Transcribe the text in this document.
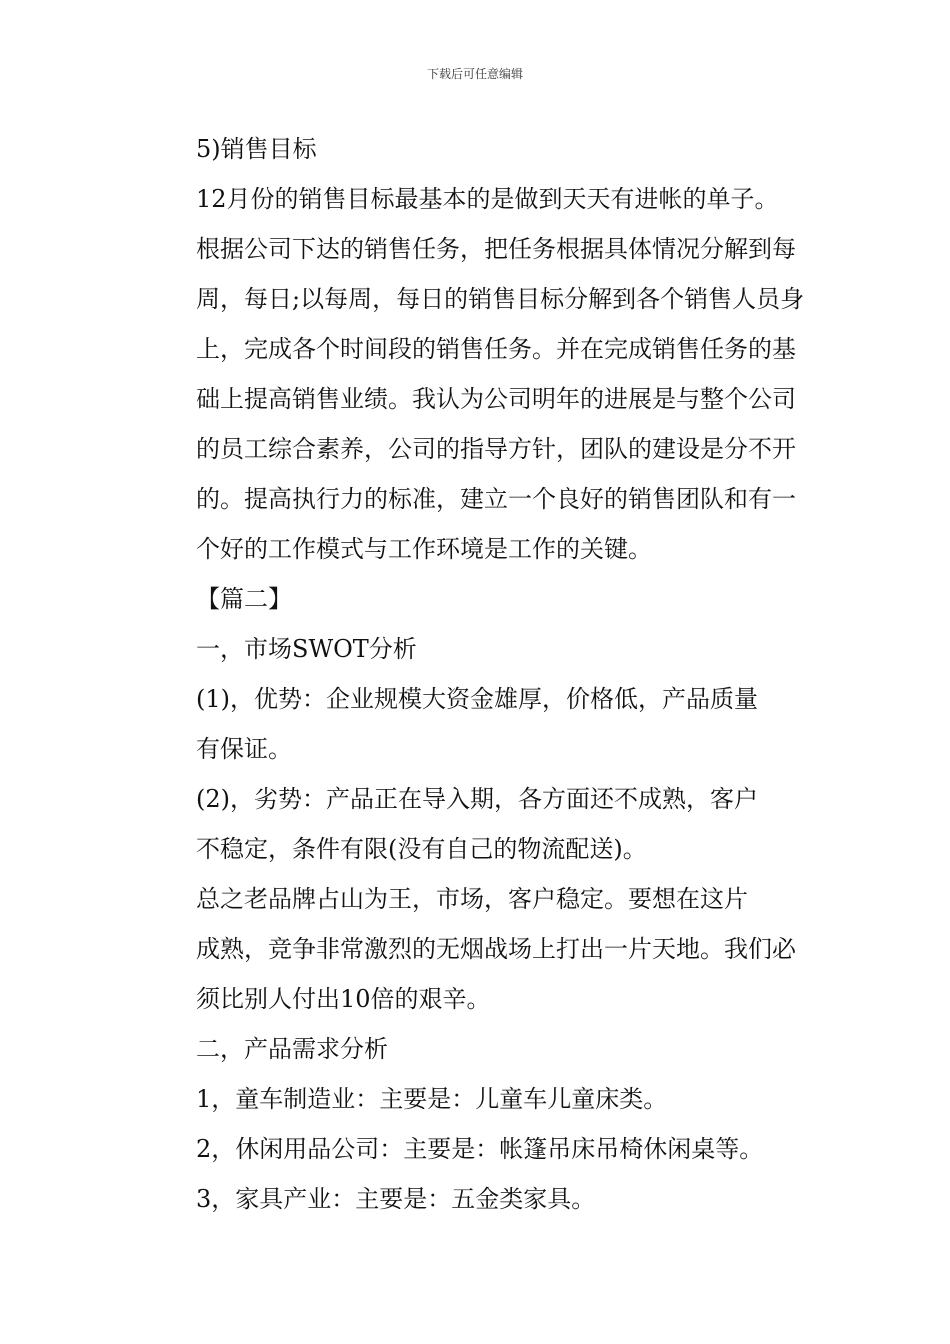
下载后可任意编辑

5)销售目标

12月份的销售目标最基本的是做到天天有进帐的单子。
根据公司下达的销售任务，把任务根据具体情况分解到每
周，每日;以每周，每日的销售目标分解到各个销售人员身
上，完成各个时间段的销售任务。并在完成销售任务的基
础上提高销售业绩。我认为公司明年的进展是与整个公司
的员工综合素养，公司的指导方针，团队的建设是分不开
的。提高执行力的标准，建立一个良好的销售团队和有一
个好的工作模式与工作环境是工作的关键。

【篇二】

一，市场SWOT分析

(1)，优势：企业规模大资金雄厚，价格低，产品质量
有保证。

(2)，劣势：产品正在导入期，各方面还不成熟，客户
不稳定，条件有限(没有自己的物流配送)。

总之老品牌占山为王，市场，客户稳定。要想在这片
成熟，竞争非常激烈的无烟战场上打出一片天地。我们必
须比别人付出10倍的艰辛。

二，产品需求分析

1，童车制造业：主要是：儿童车儿童床类。

2，休闲用品公司：主要是：帐篷吊床吊椅休闲桌等。

3，家具产业：主要是：五金类家具。
